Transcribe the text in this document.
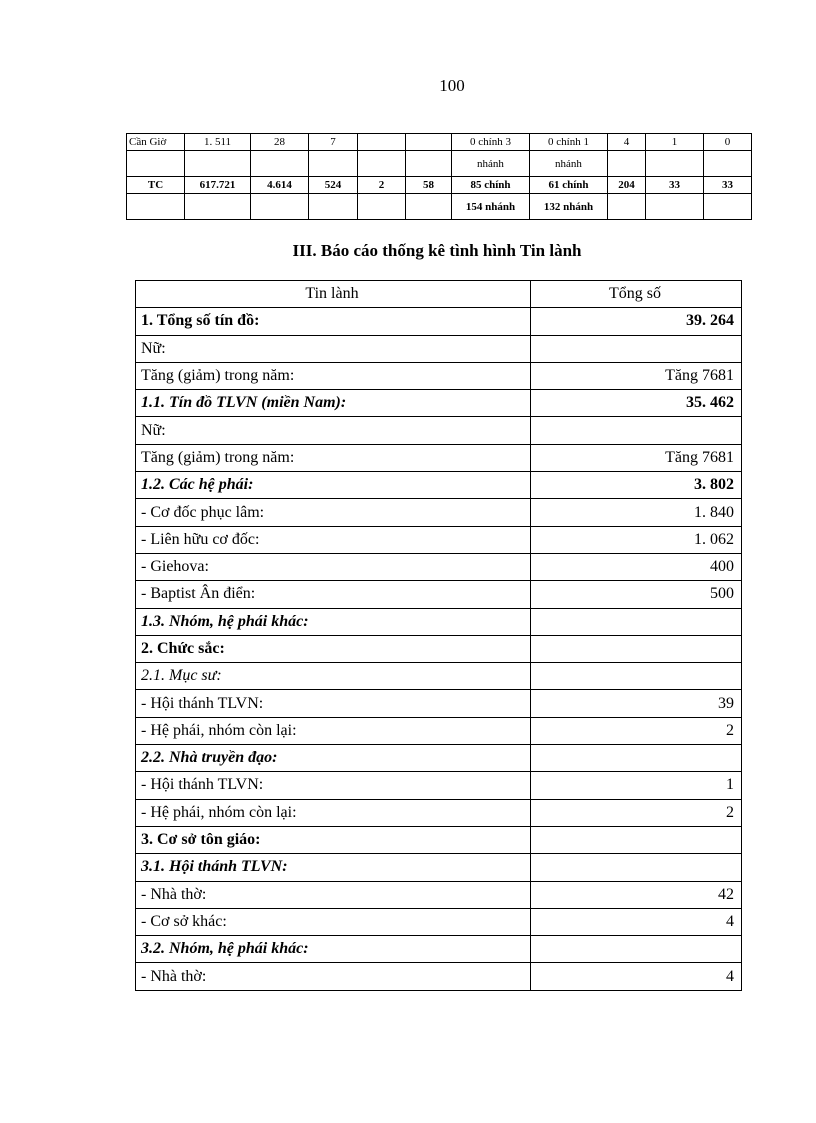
100
Cần Giờ	1. 511	28	7			0 chính 3	0 chính 1	4	1	0
						nhánh	nhánh			
TC	617.721	4.614	524	2	58	85 chính	61 chính	204	33	33
						154 nhánh	132 nhánh			
III. Báo cáo thống kê tình hình Tin lành
Tin lành	Tổng số
1. Tổng số tín đồ:	39. 264
Nữ:	
Tăng (giảm) trong năm:	Tăng 7681
1.1. Tín đồ TLVN (miền Nam):	35. 462
Nữ:	
Tăng (giảm) trong năm:	Tăng 7681
1.2. Các hệ phái:	3. 802
- Cơ đốc phục lâm:	1. 840
- Liên hữu cơ đốc:	1. 062
- Giehova:	400
- Baptist Ân điển:	500
1.3. Nhóm, hệ phái khác:	
2. Chức sắc:	
2.1. Mục sư:	
- Hội thánh TLVN:	39
- Hệ phái, nhóm còn lại:	2
2.2. Nhà truyền đạo:	
- Hội thánh TLVN:	1
- Hệ phái, nhóm còn lại:	2
3. Cơ sở tôn giáo:	
3.1. Hội thánh TLVN:	
- Nhà thờ:	42
- Cơ sở khác:	4
3.2. Nhóm, hệ phái khác:	
- Nhà thờ:	4
